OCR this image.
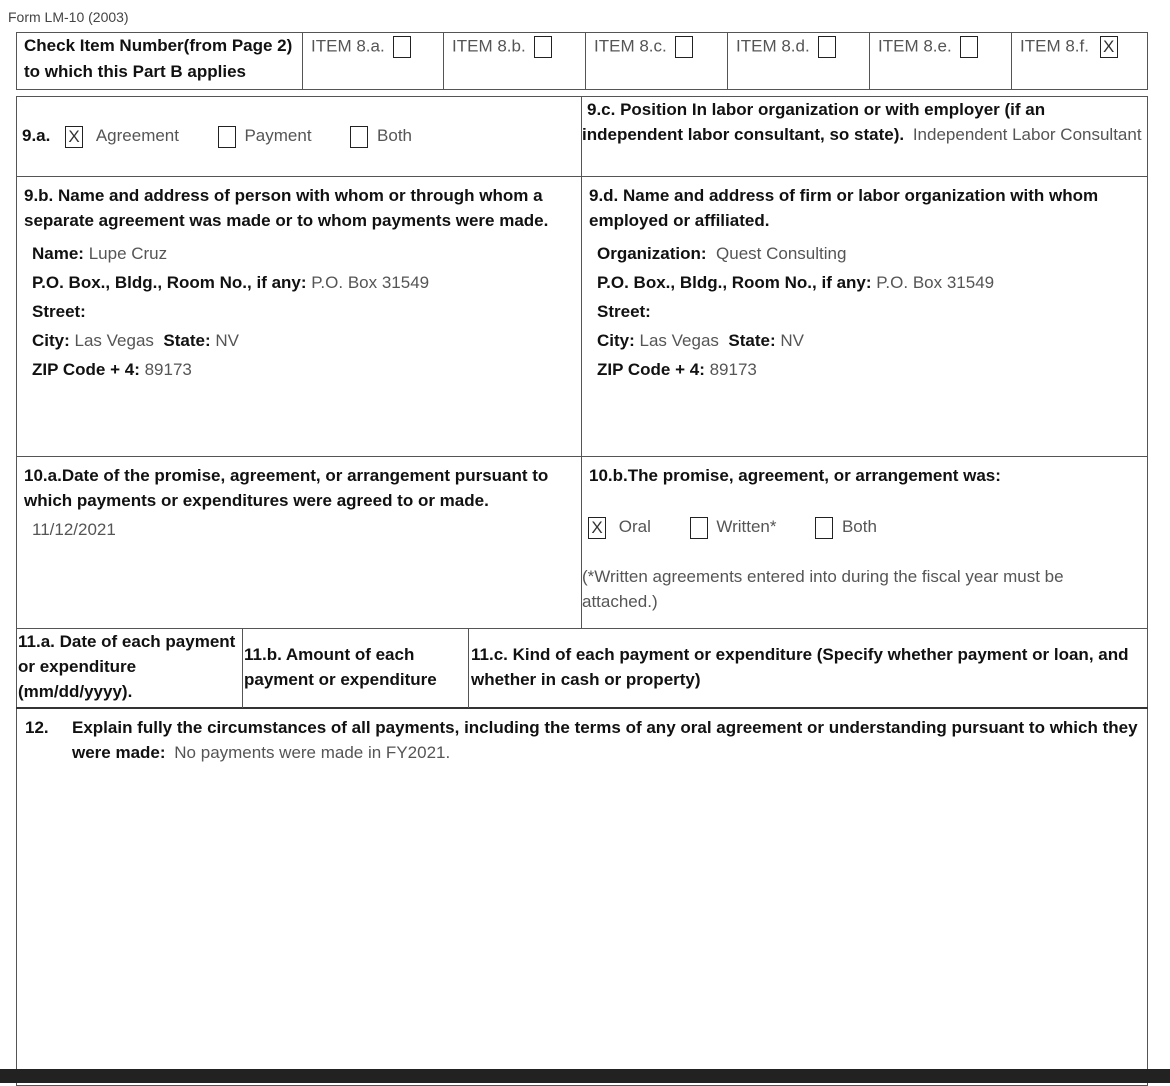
Form LM-10 (2003)
Check Item Number(from Page 2) to which this Part B applies
ITEM 8.a.	ITEM 8.b.	ITEM 8.c.	ITEM 8.d.	ITEM 8.e.	ITEM 8.f. X
9.a. X Agreement	Payment	Both
9.c. Position In labor organization or with employer (if an independent labor consultant, so state). Independent Labor Consultant
9.b. Name and address of person with whom or through whom a separate agreement was made or to whom payments were made.
Name: Lupe Cruz
P.O. Box., Bldg., Room No., if any: P.O. Box 31549
Street:
City: Las Vegas State: NV
ZIP Code + 4: 89173
9.d. Name and address of firm or labor organization with whom employed or affiliated.
Organization: Quest Consulting
P.O. Box., Bldg., Room No., if any: P.O. Box 31549
Street:
City: Las Vegas State: NV
ZIP Code + 4: 89173
10.a.Date of the promise, agreement, or arrangement pursuant to which payments or expenditures were agreed to or made.
11/12/2021
10.b.The promise, agreement, or arrangement was:
X Oral	Written*	Both
(*Written agreements entered into during the fiscal year must be attached.)
11.a. Date of each payment or expenditure (mm/dd/yyyy).
11.b. Amount of each payment or expenditure
11.c. Kind of each payment or expenditure (Specify whether payment or loan, and whether in cash or property)
12. Explain fully the circumstances of all payments, including the terms of any oral agreement or understanding pursuant to which they were made: No payments were made in FY2021.
